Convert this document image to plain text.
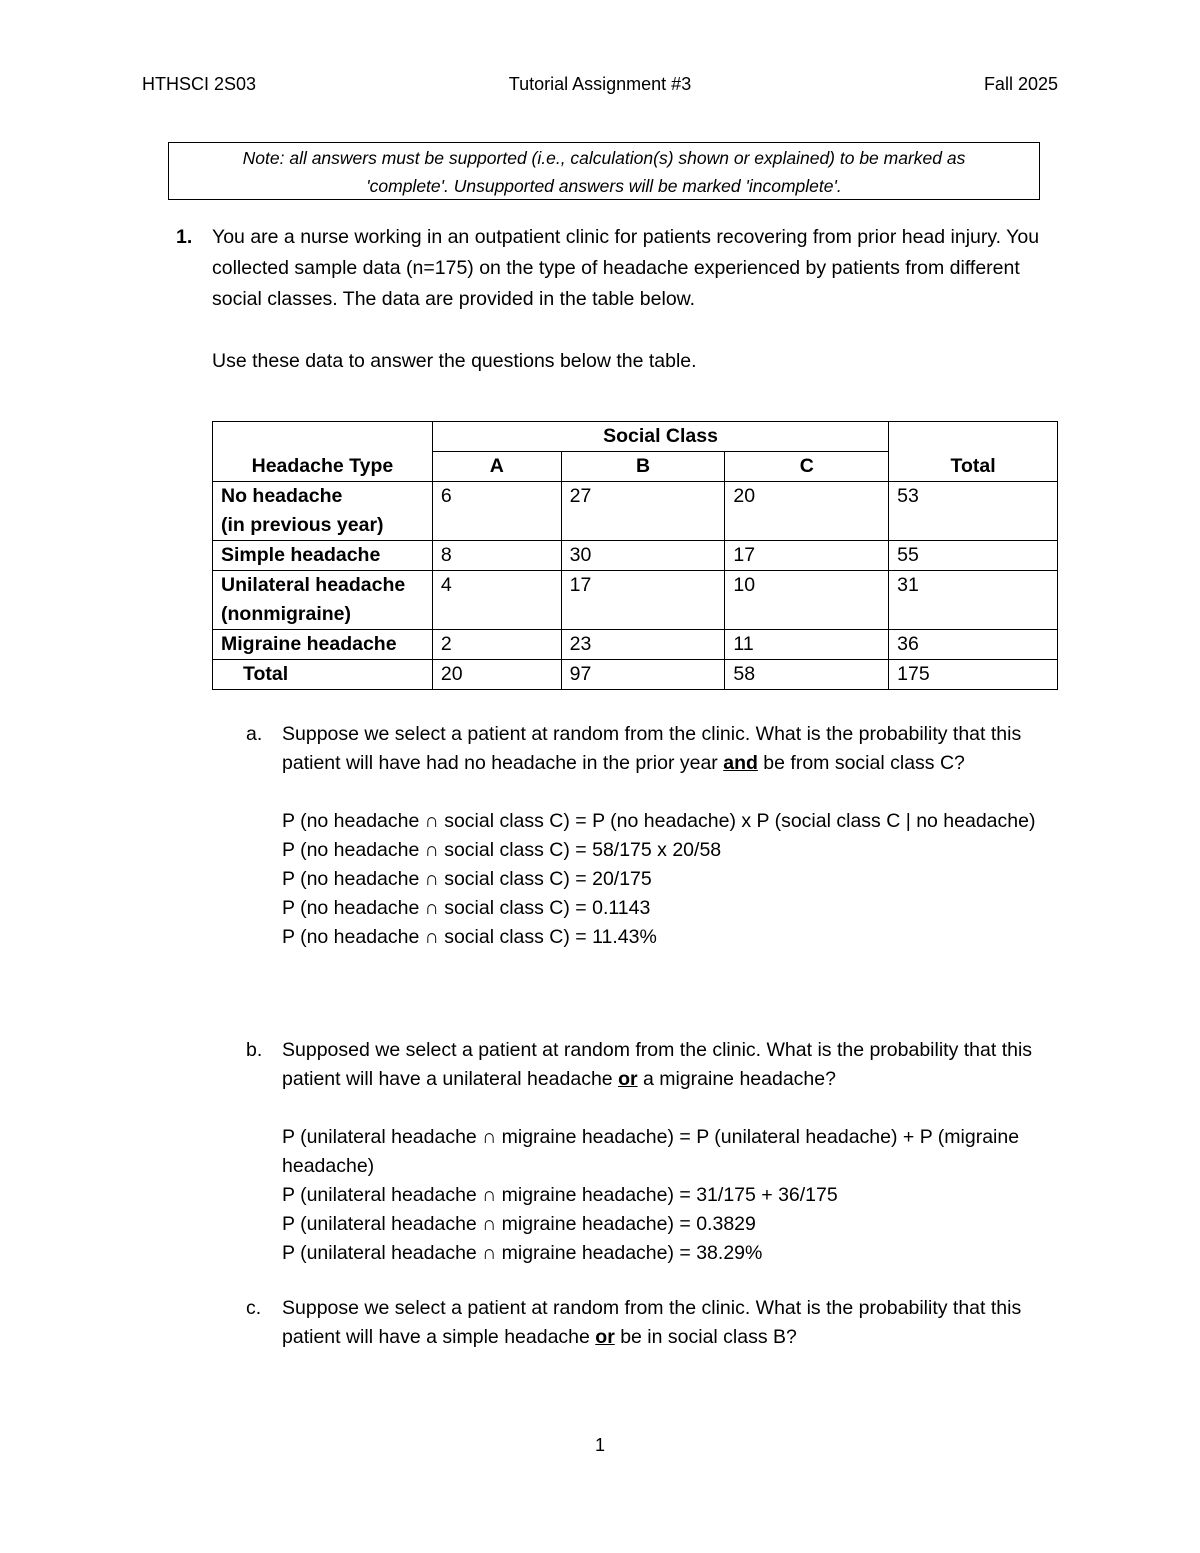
HTHSCI 2S03	Tutorial Assignment #3	Fall 2025
Note: all answers must be supported (i.e., calculation(s) shown or explained) to be marked as
'complete'. Unsupported answers will be marked 'incomplete'.
1. You are a nurse working in an outpatient clinic for patients recovering from prior head injury. You collected sample data (n=175) on the type of headache experienced by patients from different social classes. The data are provided in the table below.
Use these data to answer the questions below the table.
Headache Type	Social Class			Total
	A	B	C	

No headache
(in previous year)	6	27	20	53
Simple headache	8	30	17	55

Unilateral headache
(nonmigraine)	4	17	10	31
Migraine headache	2	23	11	36
Total	20	97	58	175
a. Suppose we select a patient at random from the clinic. What is the probability that this patient will have had no headache in the prior year and be from social class C?
P (no headache ∩ social class C) = P (no headache) x P (social class C | no headache)
P (no headache ∩ social class C) = 58/175 x 20/58
P (no headache ∩ social class C) = 20/175
P (no headache ∩ social class C) = 0.1143
P (no headache ∩ social class C) = 11.43%
b. Supposed we select a patient at random from the clinic. What is the probability that this patient will have a unilateral headache or a migraine headache?
P (unilateral headache ∩ migraine headache) = P (unilateral headache) + P (migraine headache)
P (unilateral headache ∩ migraine headache) = 31/175 + 36/175
P (unilateral headache ∩ migraine headache) = 0.3829
P (unilateral headache ∩ migraine headache) = 38.29%
c. Suppose we select a patient at random from the clinic. What is the probability that this patient will have a simple headache or be in social class B?
1
